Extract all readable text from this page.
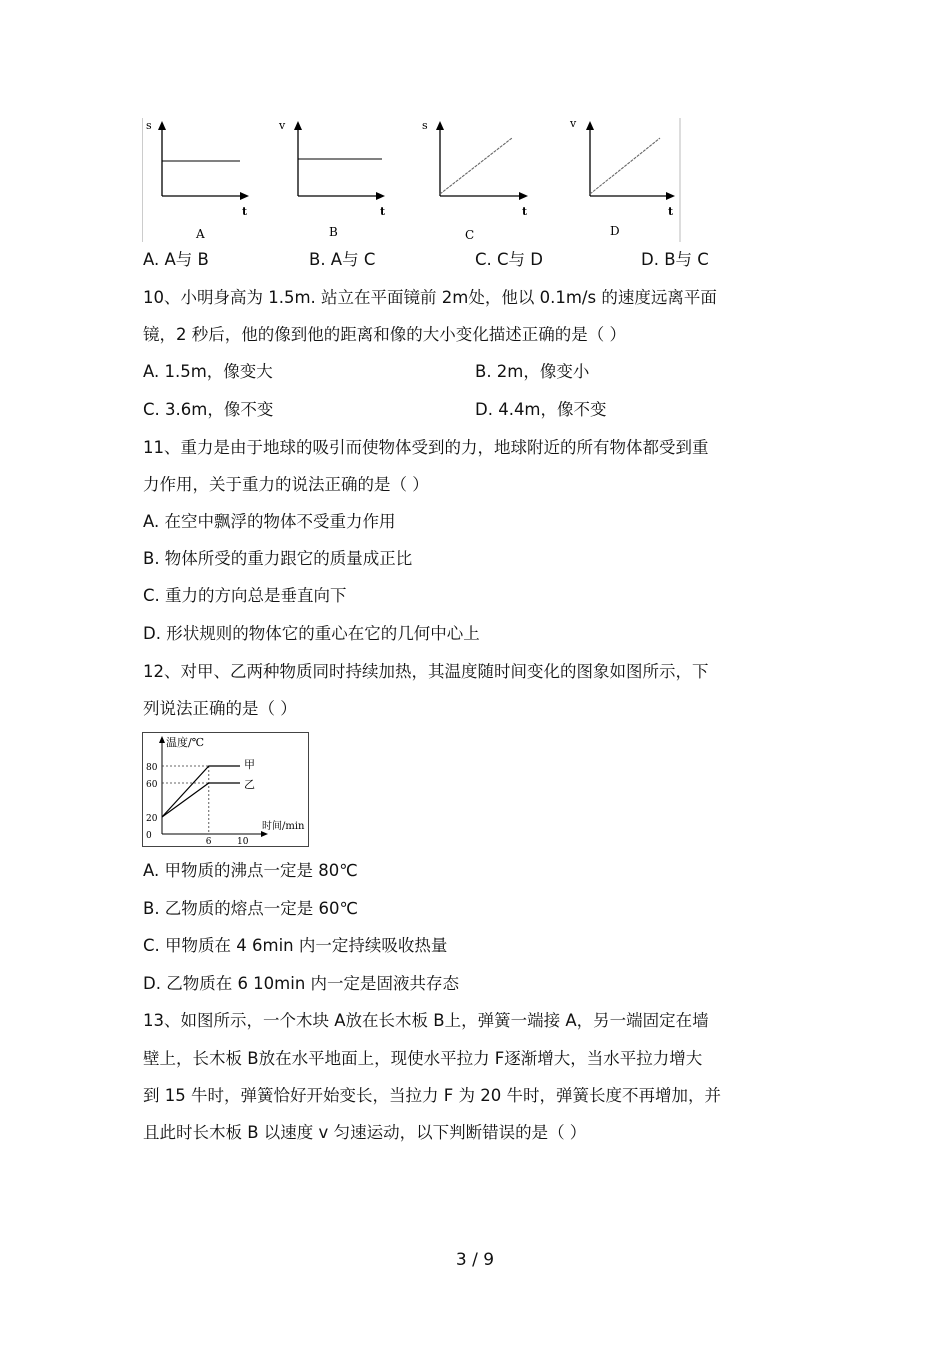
s
t
A
v
t
B
s
t
C
v
t
D
A. A与 B	B. A与 C	C. C与 D	D. B与 C
10、小明身高为 1.5m. 站立在平面镜前 2m处，他以 0.1m/s 的速度远离平面
镜，2 秒后，他的像到他的距离和像的大小变化描述正确的是（ ）
A. 1.5m，像变大	B. 2m，像变小
C. 3.6m，像不变	D. 4.4m，像不变
11、重力是由于地球的吸引而使物体受到的力，地球附近的所有物体都受到重
力作用，关于重力的说法正确的是（ ）
A. 在空中飘浮的物体不受重力作用
B. 物体所受的重力跟它的质量成正比
C. 重力的方向总是垂直向下
D. 形状规则的物体它的重心在它的几何中心上
12、对甲、乙两种物质同时持续加热，其温度随时间变化的图象如图所示，下
列说法正确的是（ ）
温度/℃
时间/min
甲
乙
0
20
60
80
6	10
A. 甲物质的沸点一定是 80℃
B. 乙物质的熔点一定是 60℃
C. 甲物质在 4 6min 内一定持续吸收热量
D. 乙物质在 6 10min 内一定是固液共存态
13、如图所示，一个木块 A放在长木板 B上，弹簧一端接 A，另一端固定在墙
壁上，长木板 B放在水平地面上，现使水平拉力 F逐渐增大，当水平拉力增大
到 15 牛时，弹簧恰好开始变长，当拉力 F 为 20 牛时，弹簧长度不再增加，并
且此时长木板 B 以速度 v 匀速运动，以下判断错误的是（ ）
3 / 9
